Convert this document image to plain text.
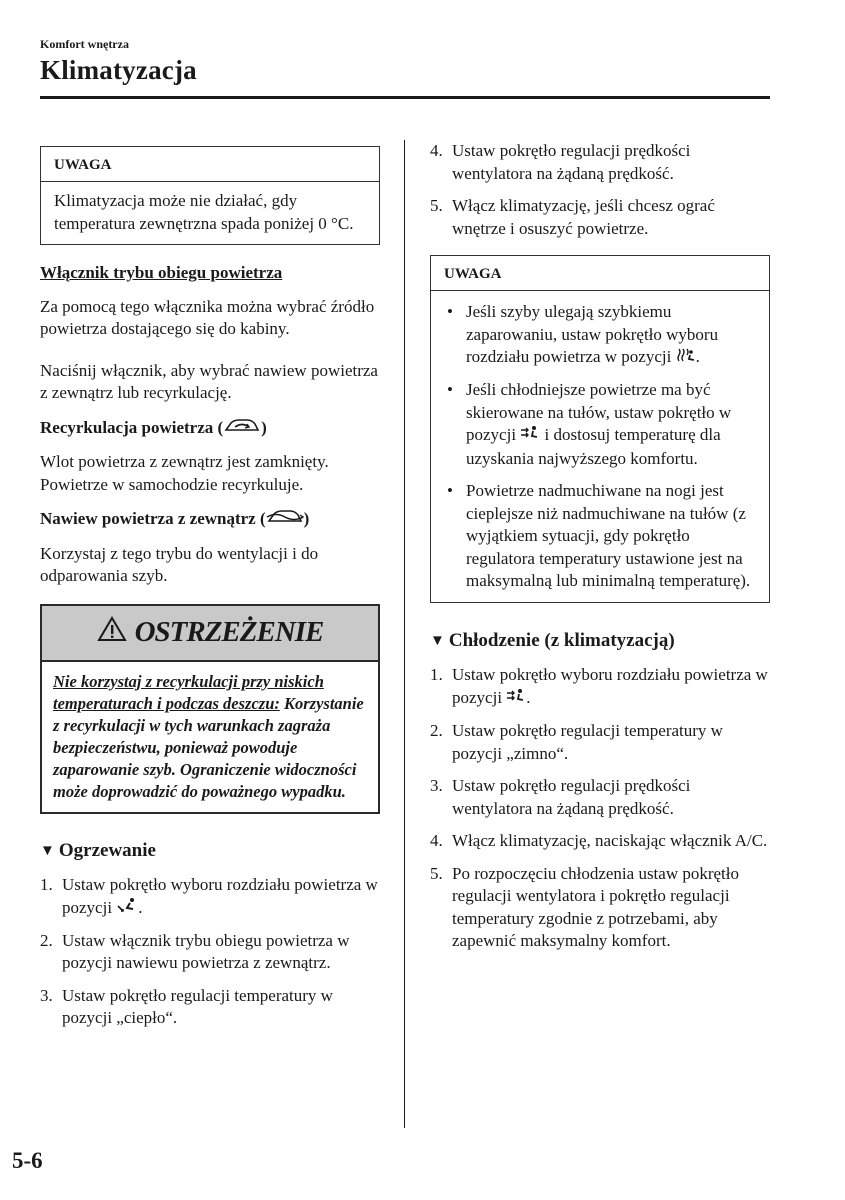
Komfort wnętrza
Klimatyzacja
UWAGA
Klimatyzacja może nie działać, gdy temperatura zewnętrzna spada poniżej 0 °C.

Włącznik trybu obiegu powietrza

Za pomocą tego włącznika można wybrać źródło powietrza dostającego się do kabiny.

Naciśnij włącznik, aby wybrać nawiew powietrza z zewnątrz lub recyrkulację.

Recyrkulacja powietrza ( )

Wlot powietrza z zewnątrz jest zamknięty. Powietrze w samochodzie recyrkuluje.

Nawiew powietrza z zewnątrz ( )

Korzystaj z tego trybu do wentylacji i do odparowania szyb.

OSTRZEŻENIE
Nie korzystaj z recyrkulacji przy niskich temperaturach i podczas deszczu: Korzystanie z recyrkulacji w tych warunkach zagraża bezpieczeństwu, ponieważ powoduje zaparowanie szyb. Ograniczenie widoczności może doprowadzić do poważnego wypadku.
▼ Ogrzewanie
1. Ustaw pokrętło wyboru rozdziału powietrza w pozycji .
2. Ustaw włącznik trybu obiegu powietrza w pozycji nawiewu powietrza z zewnątrz.
3. Ustaw pokrętło regulacji temperatury w pozycji „ciepło“.
4. Ustaw pokrętło regulacji prędkości wentylatora na żądaną prędkość.
5. Włącz klimatyzację, jeśli chcesz ograć wnętrze i osuszyć powietrze.
UWAGA
• Jeśli szyby ulegają szybkiemu zaparowaniu, ustaw pokrętło wyboru rozdziału powietrza w pozycji .
• Jeśli chłodniejsze powietrze ma być skierowane na tułów, ustaw pokrętło w pozycji i dostosuj temperaturę dla uzyskania najwyższego komfortu.
• Powietrze nadmuchiwane na nogi jest cieplejsze niż nadmuchiwane na tułów (z wyjątkiem sytuacji, gdy pokrętło regulatora temperatury ustawione jest na maksymalną lub minimalną temperaturę).
▼ Chłodzenie (z klimatyzacją)
1. Ustaw pokrętło wyboru rozdziału powietrza w pozycji .
2. Ustaw pokrętło regulacji temperatury w pozycji „zimno“.
3. Ustaw pokrętło regulacji prędkości wentylatora na żądaną prędkość.
4. Włącz klimatyzację, naciskając włącznik A/C.
5. Po rozpoczęciu chłodzenia ustaw pokrętło regulacji wentylatora i pokrętło regulacji temperatury zgodnie z potrzebami, aby zapewnić maksymalny komfort.
5-6
